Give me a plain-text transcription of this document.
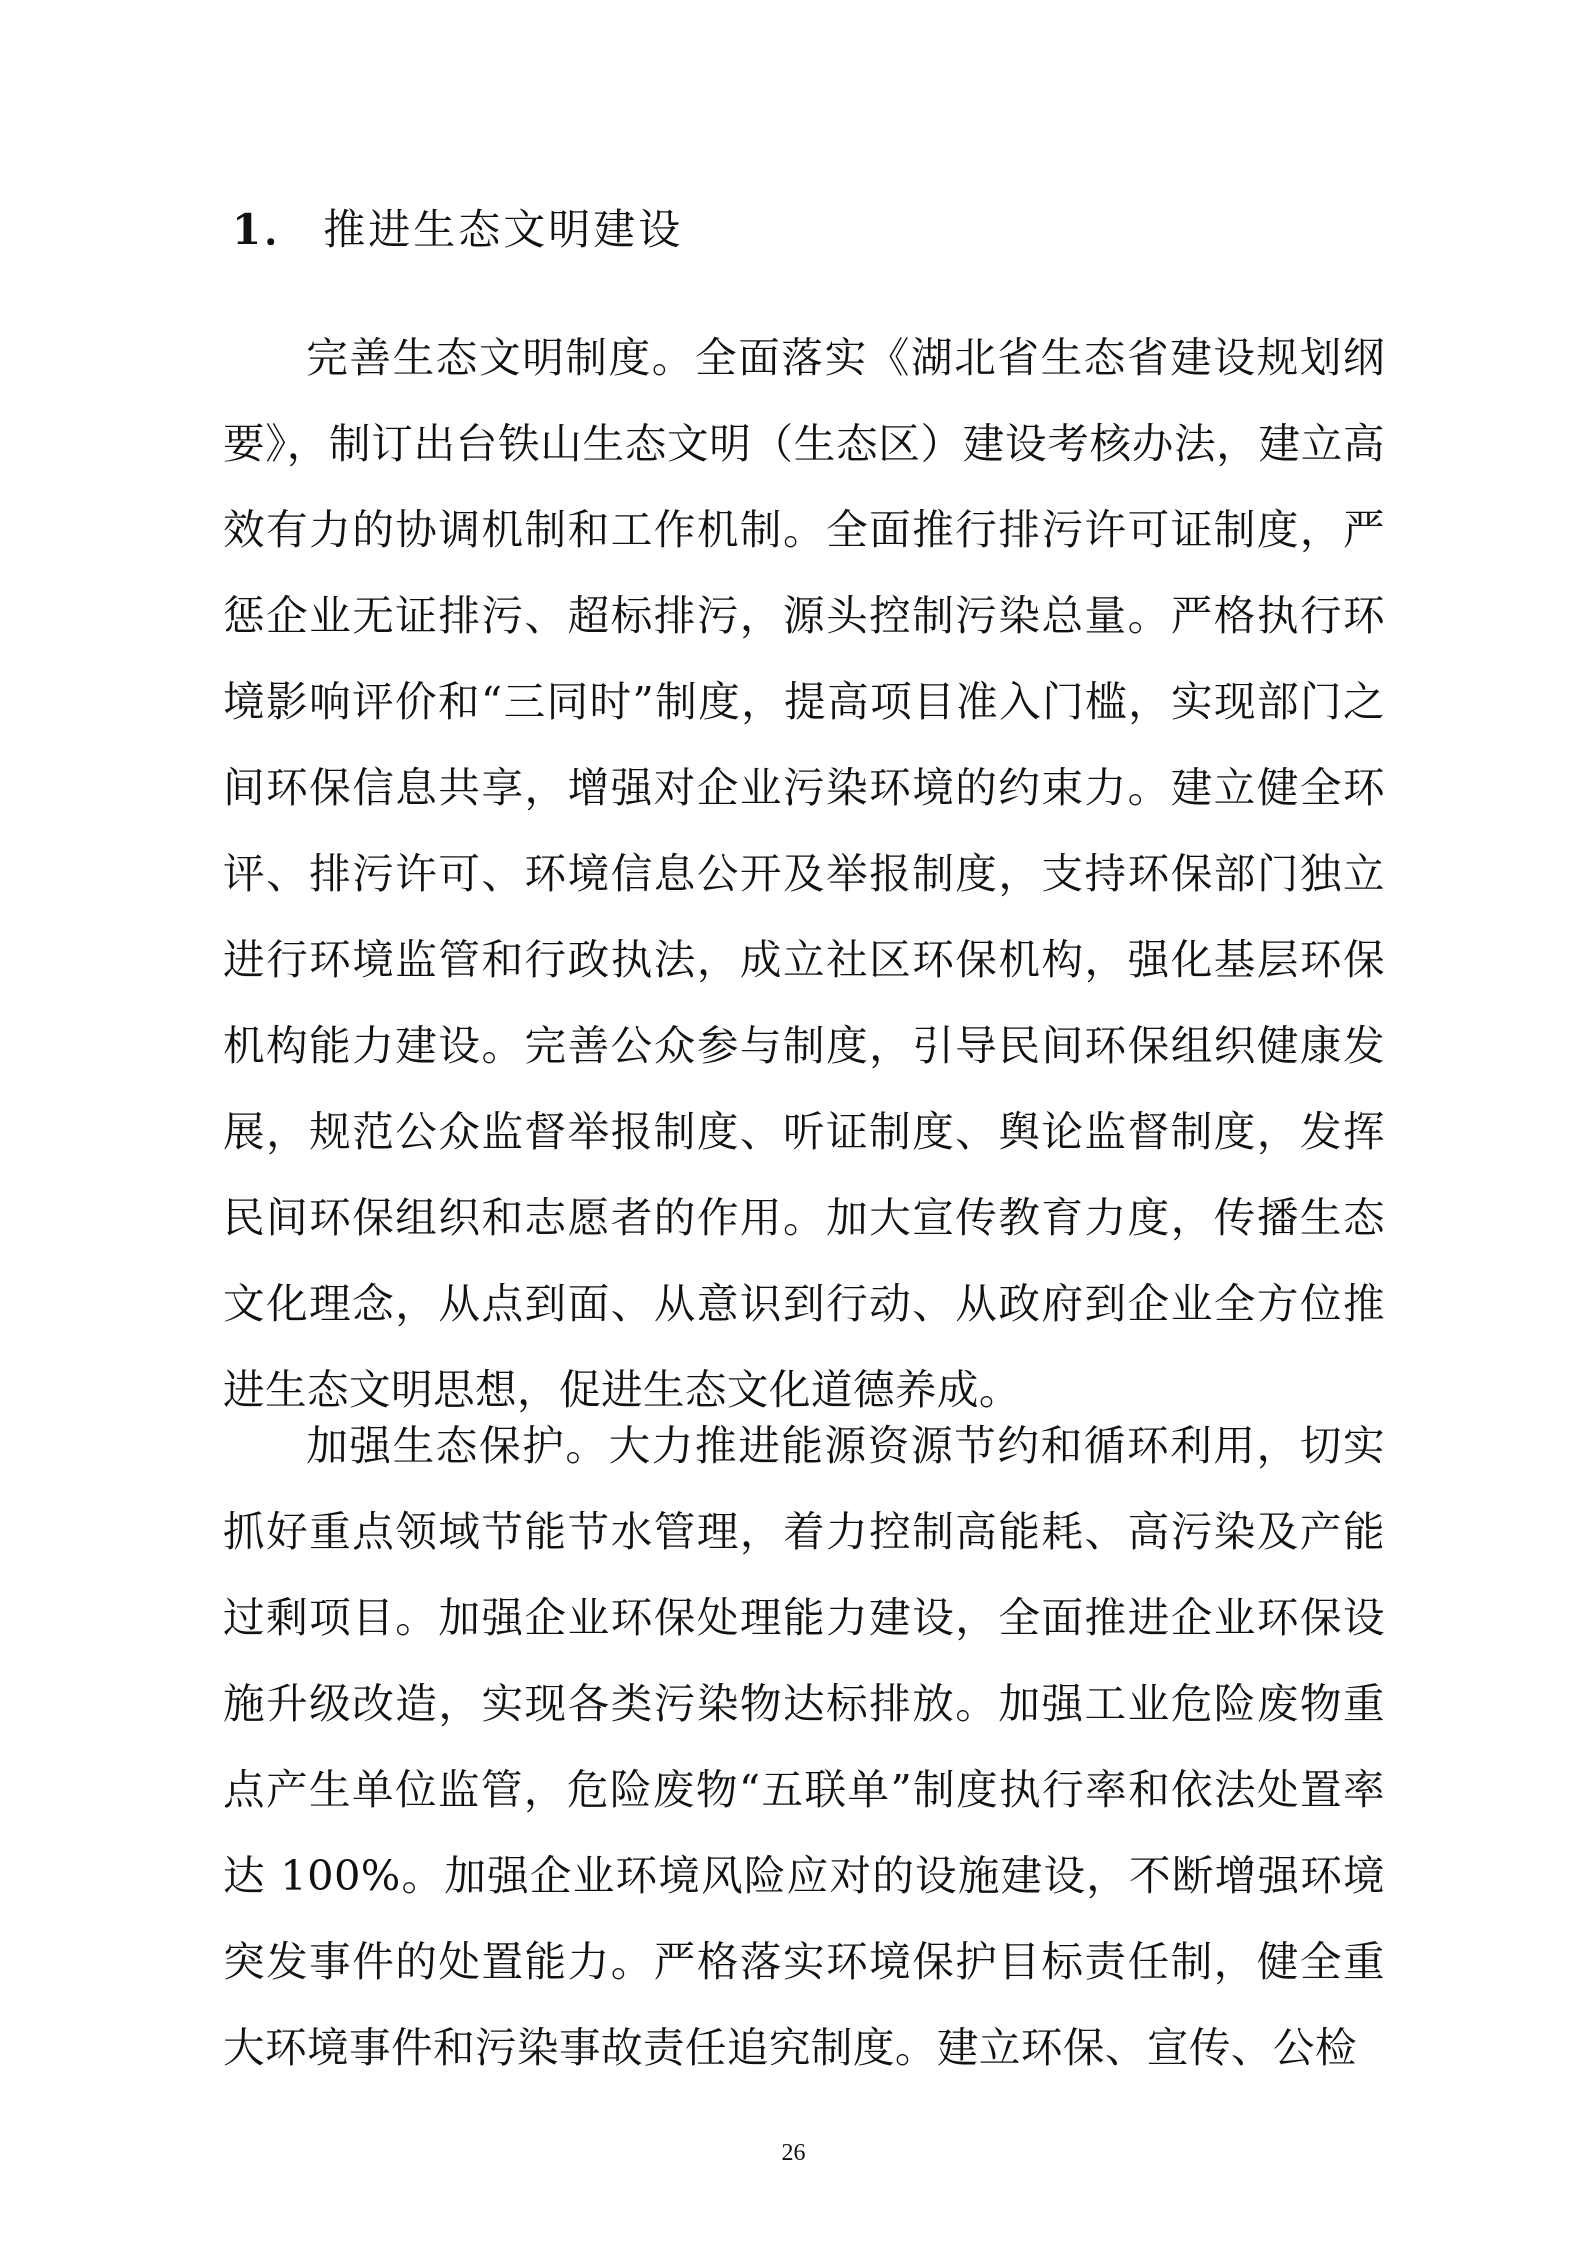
1． 推进生态文明建设

完善生态文明制度。全面落实《湖北省生态省建设规划纲要》，制订出台铁山生态文明（生态区）建设考核办法，建立高效有力的协调机制和工作机制。全面推行排污许可证制度，严惩企业无证排污、超标排污，源头控制污染总量。严格执行环境影响评价和“三同时”制度，提高项目准入门槛，实现部门之间环保信息共享，增强对企业污染环境的约束力。建立健全环评、排污许可、环境信息公开及举报制度，支持环保部门独立进行环境监管和行政执法，成立社区环保机构，强化基层环保机构能力建设。完善公众参与制度，引导民间环保组织健康发展，规范公众监督举报制度、听证制度、舆论监督制度，发挥民间环保组织和志愿者的作用。加大宣传教育力度，传播生态文化理念，从点到面、从意识到行动、从政府到企业全方位推进生态文明思想，促进生态文化道德养成。

加强生态保护。大力推进能源资源节约和循环利用，切实抓好重点领域节能节水管理，着力控制高能耗、高污染及产能过剩项目。加强企业环保处理能力建设，全面推进企业环保设施升级改造，实现各类污染物达标排放。加强工业危险废物重点产生单位监管，危险废物“五联单”制度执行率和依法处置率达 100%。加强企业环境风险应对的设施建设，不断增强环境突发事件的处置能力。严格落实环境保护目标责任制，健全重大环境事件和污染事故责任追究制度。建立环保、宣传、公检

26
